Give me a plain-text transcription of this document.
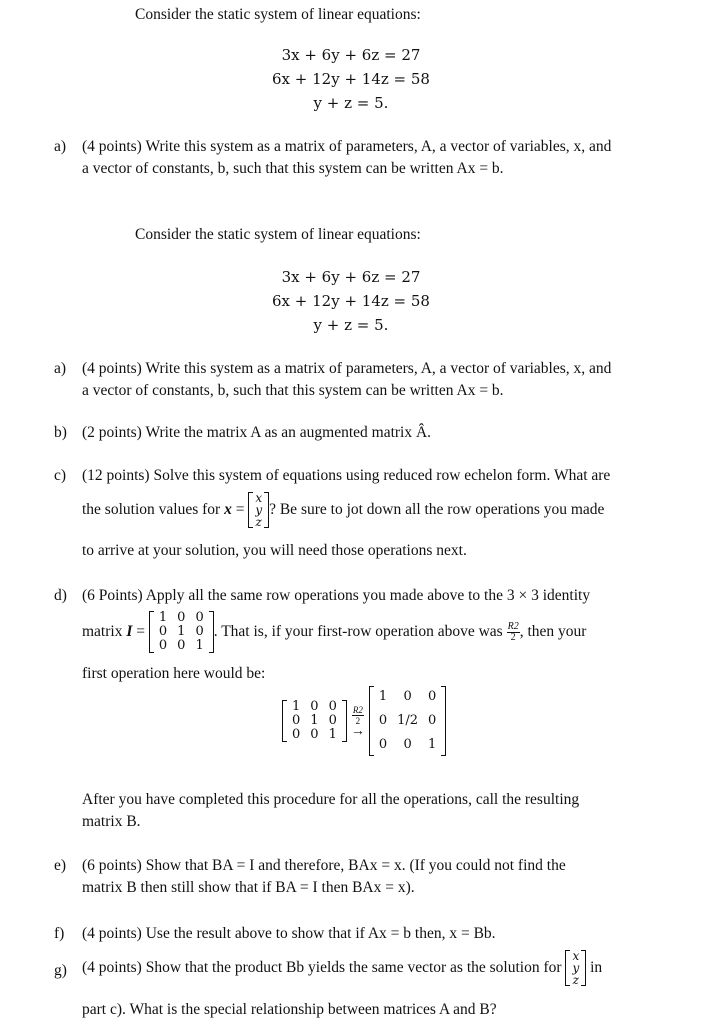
Consider the static system of linear equations:
3x + 6y + 6z = 27
6x + 12y + 14z = 58
y + z = 5.
a) (4 points) Write this system as a matrix of parameters, A, a vector of variables, x, and
a vector of constants, b, such that this system can be written Ax = b.
Consider the static system of linear equations:
3x + 6y + 6z = 27
6x + 12y + 14z = 58
y + z = 5.
a) (4 points) Write this system as a matrix of parameters, A, a vector of variables, x, and
a vector of constants, b, such that this system can be written Ax = b.
b) (2 points) Write the matrix A as an augmented matrix Â.
c) (12 points) Solve this system of equations using reduced row echelon form. What are
the solution values for x =
x
y
z
? Be sure to jot down all the row operations you made
to arrive at your solution, you will need those operations next.
d) (6 Points) Apply all the same row operations you made above to the 3 × 3 identity
matrix I =
1	0	0
0	1	0
0	0	1
. That is, if your first-row operation above was $\frac{R2}{2}$ , then your
first operation here would be:
1	0	0
0	1	0
0	0	1
$\frac{R2}{2}$
→
1	0	0
0	1/2	0
0	0	1
After you have completed this procedure for all the operations, call the resulting
matrix B.
e) (6 points) Show that BA = I and therefore, BAx = x. (If you could not find the
matrix B then still show that if BA = I then BAx = x).
f) (4 points) Use the result above to show that if Ax = b then, x = Bb.
g) (4 points) Show that the product Bb yields the same vector as the solution for
x
y
z
in
part c). What is the special relationship between matrices A and B?
